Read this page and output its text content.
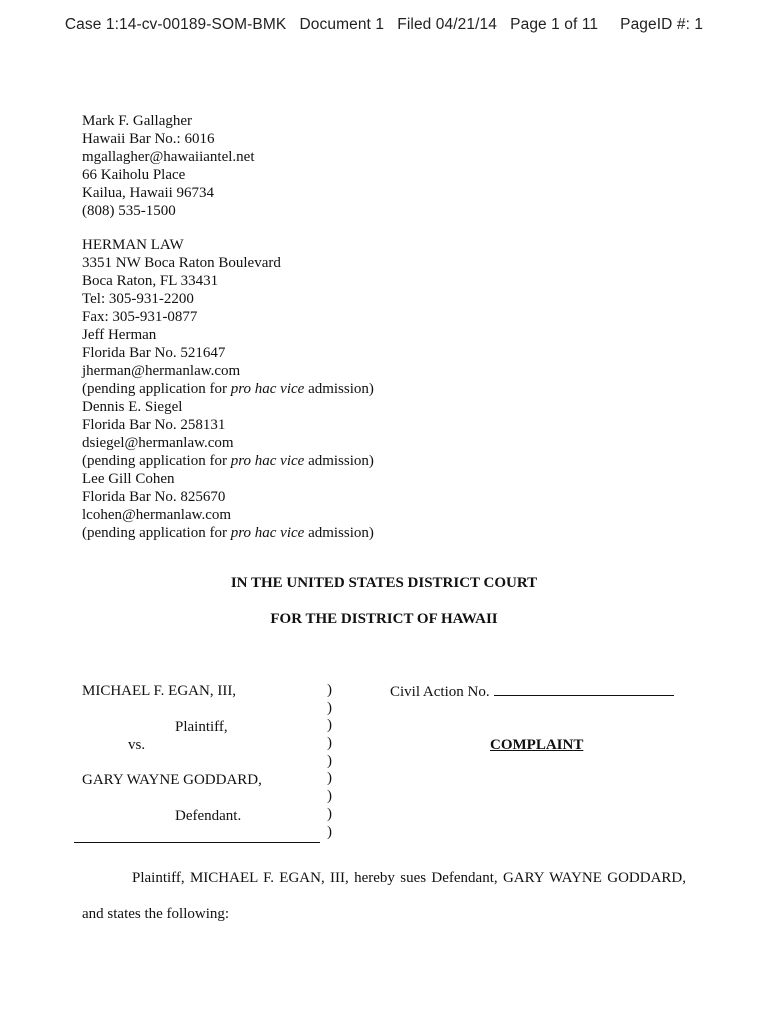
Case 1:14-cv-00189-SOM-BMK   Document 1   Filed 04/21/14   Page 1 of 11     PageID #: 1
Mark F. Gallagher
Hawaii Bar No.: 6016
mgallagher@hawaiiantel.net
66 Kaiholu Place
Kailua, Hawaii 96734
(808) 535-1500
HERMAN LAW
3351 NW Boca Raton Boulevard
Boca Raton, FL 33431
Tel: 305-931-2200
Fax: 305-931-0877
Jeff Herman
Florida Bar No. 521647
jherman@hermanlaw.com
(pending application for pro hac vice admission)
Dennis E. Siegel
Florida Bar No. 258131
dsiegel@hermanlaw.com
(pending application for pro hac vice admission)
Lee Gill Cohen
Florida Bar No. 825670
lcohen@hermanlaw.com
(pending application for pro hac vice admission)
IN THE UNITED STATES DISTRICT COURT
FOR THE DISTRICT OF HAWAII
MICHAEL F. EGAN, III,
Plaintiff,
vs.
GARY WAYNE GODDARD,
Defendant.
)
)
)
)
)
)
)
)
)
Civil Action No.
COMPLAINT
Plaintiff, MICHAEL F. EGAN, III, hereby sues Defendant, GARY WAYNE GODDARD, and states the following:
